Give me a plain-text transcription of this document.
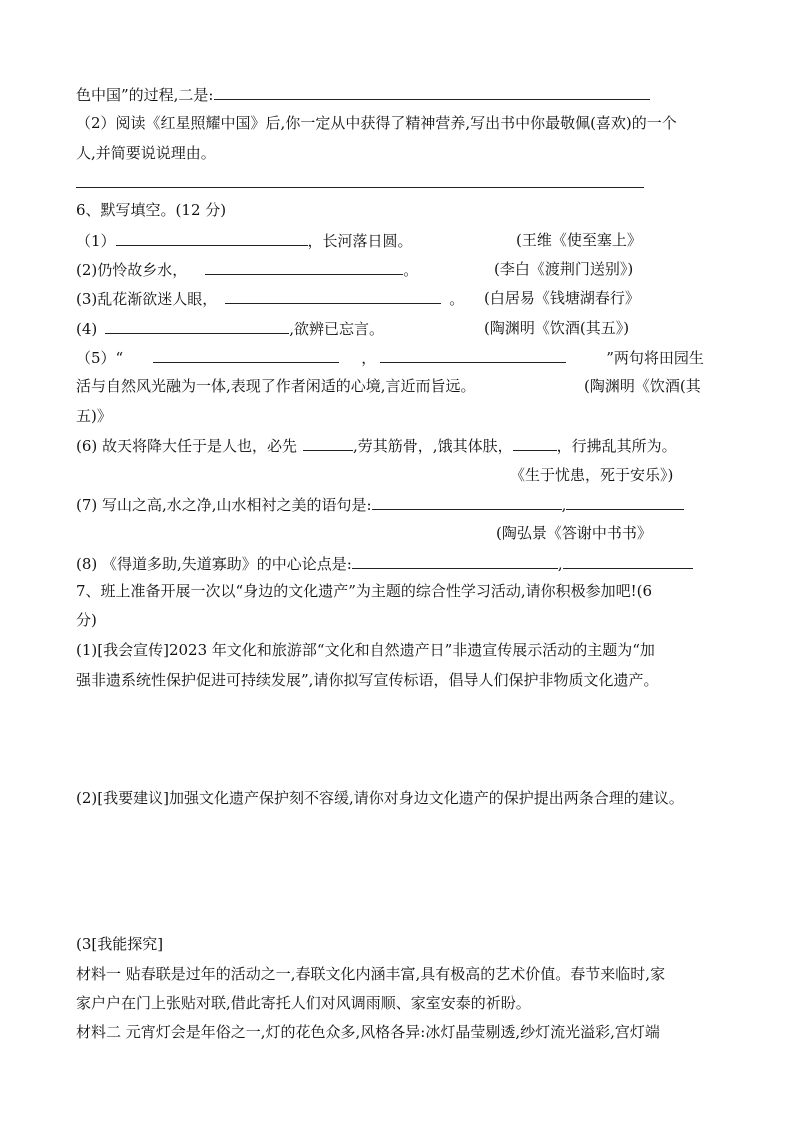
色中国”的过程,二是:
（2）阅读《红星照耀中国》后,你一定从中获得了精神营养,写出书中你最敬佩(喜欢)的一个
人,并简要说说理由。
6、默写填空。(12 分)
（1）	，长河落日圆。	(王维《使至塞上》
(2)仍怜故乡水，	。	(李白《渡荆门送别》)
(3)乱花渐欲迷人眼，	。 (白居易《钱塘湖春行》
(4)	,欲辨已忘言。	(陶渊明《饮酒(其五》)
（5）“	，	”两句将田园生
活与自然风光融为一体,表现了作者闲适的心境,言近而旨远。	(陶渊明《饮酒(其
五)》
(6) 故天将降大任于是人也，必先	,劳其筋骨，,饿其体肤，	，行拂乱其所为。
《生于忧患，死于安乐》)
(7) 写山之高,水之净,山水相衬之美的语句是:	,
(陶弘景《答谢中书书》
(8) 《得道多助,失道寡助》的中心论点是:	,
7、班上准备开展一次以“身边的文化遗产”为主题的综合性学习活动,请你积极参加吧!(6
分)
(1)[我会宣传]2023 年文化和旅游部“文化和自然遗产日”非遗宣传展示活动的主题为“加
强非遗系统性保护促进可持续发展”,请你拟写宣传标语，倡导人们保护非物质文化遗产。
(2)[我要建议]加强文化遗产保护刻不容缓,请你对身边文化遗产的保护提出两条合理的建议。
(3[我能探究]
材料一 贴春联是过年的活动之一,春联文化内涵丰富,具有极高的艺术价值。春节来临时,家
家户户在门上张贴对联,借此寄托人们对风调雨顺、家室安泰的祈盼。
材料二 元宵灯会是年俗之一,灯的花色众多,风格各异:冰灯晶莹剔透,纱灯流光溢彩,宫灯端
